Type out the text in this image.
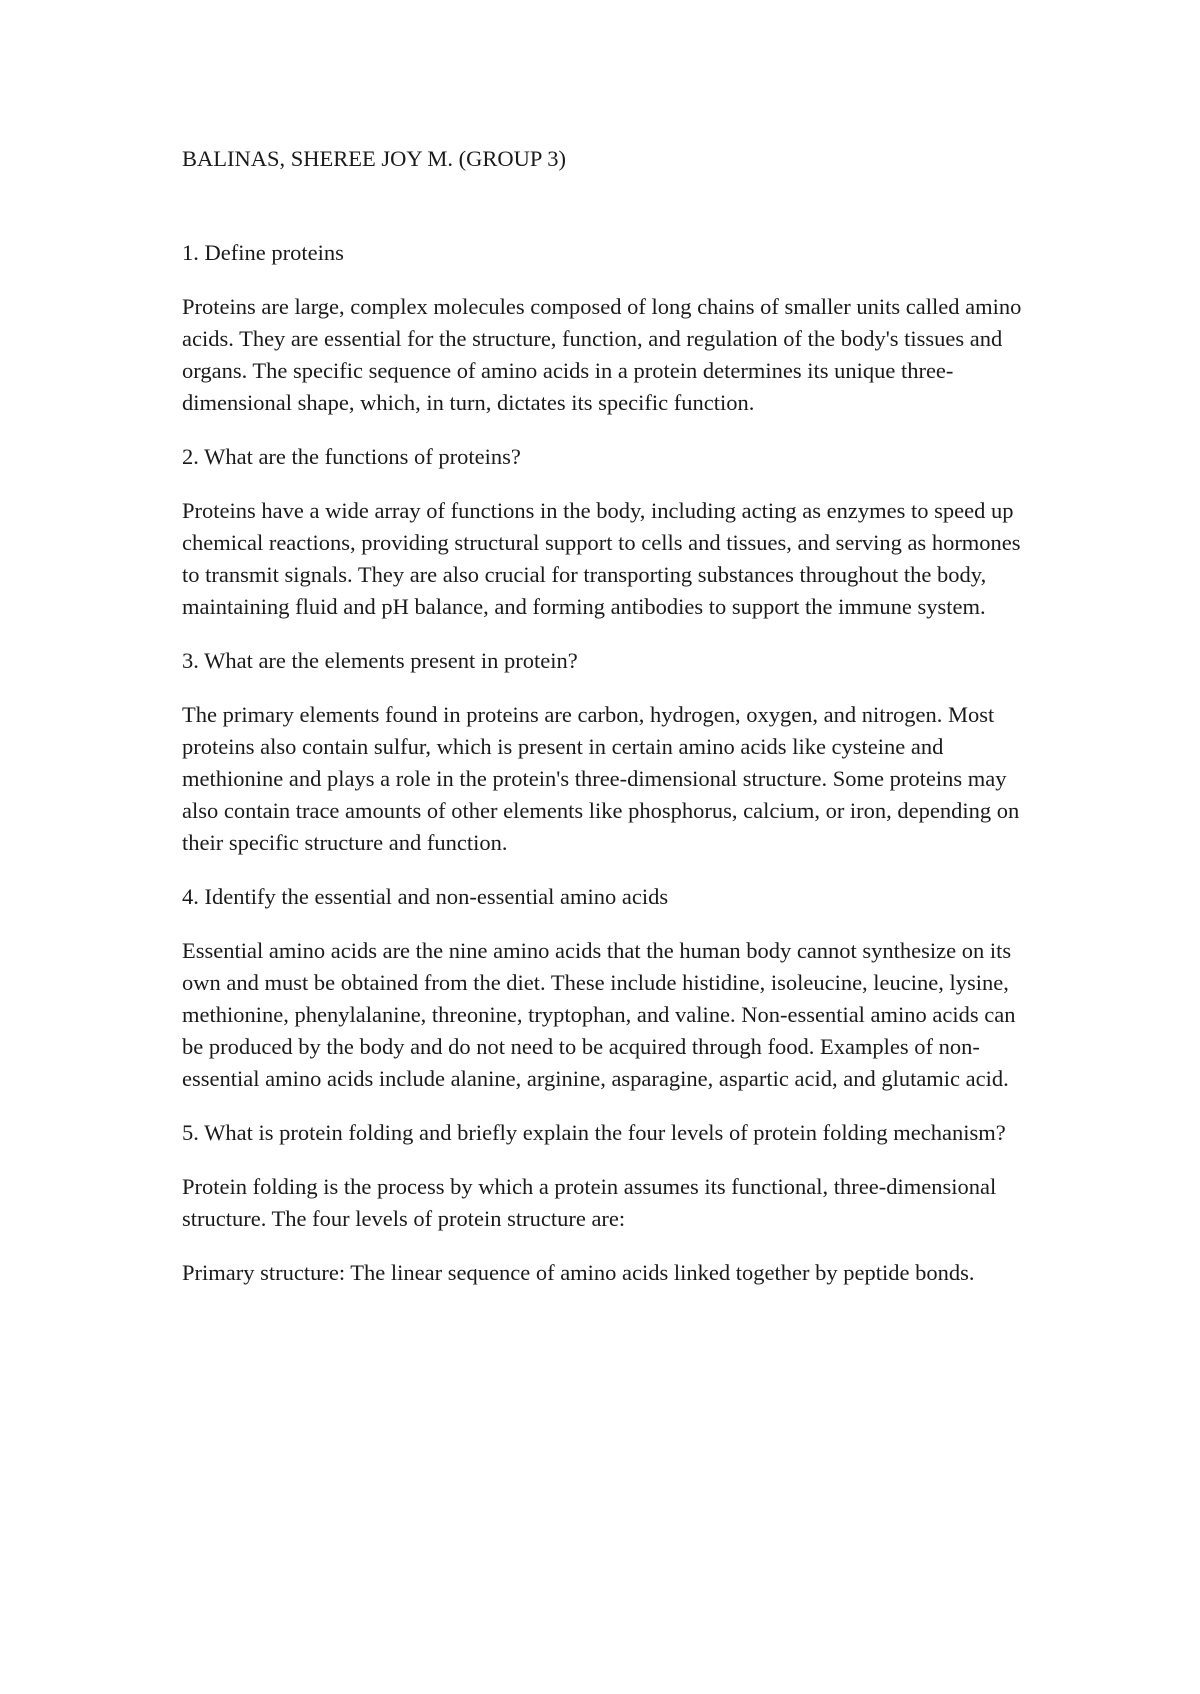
BALINAS, SHEREE JOY M. (GROUP 3)

1. Define proteins

Proteins are large, complex molecules composed of long chains of smaller units called amino acids. They are essential for the structure, function, and regulation of the body's tissues and organs. The specific sequence of amino acids in a protein determines its unique three-dimensional shape, which, in turn, dictates its specific function.

2. What are the functions of proteins?

Proteins have a wide array of functions in the body, including acting as enzymes to speed up chemical reactions, providing structural support to cells and tissues, and serving as hormones to transmit signals. They are also crucial for transporting substances throughout the body, maintaining fluid and pH balance, and forming antibodies to support the immune system.

3. What are the elements present in protein?

The primary elements found in proteins are carbon, hydrogen, oxygen, and nitrogen. Most proteins also contain sulfur, which is present in certain amino acids like cysteine and methionine and plays a role in the protein's three-dimensional structure. Some proteins may also contain trace amounts of other elements like phosphorus, calcium, or iron, depending on their specific structure and function.

4. Identify the essential and non-essential amino acids

Essential amino acids are the nine amino acids that the human body cannot synthesize on its own and must be obtained from the diet. These include histidine, isoleucine, leucine, lysine, methionine, phenylalanine, threonine, tryptophan, and valine. Non-essential amino acids can be produced by the body and do not need to be acquired through food. Examples of non-essential amino acids include alanine, arginine, asparagine, aspartic acid, and glutamic acid.

5. What is protein folding and briefly explain the four levels of protein folding mechanism?

Protein folding is the process by which a protein assumes its functional, three-dimensional structure. The four levels of protein structure are:

Primary structure: The linear sequence of amino acids linked together by peptide bonds.
